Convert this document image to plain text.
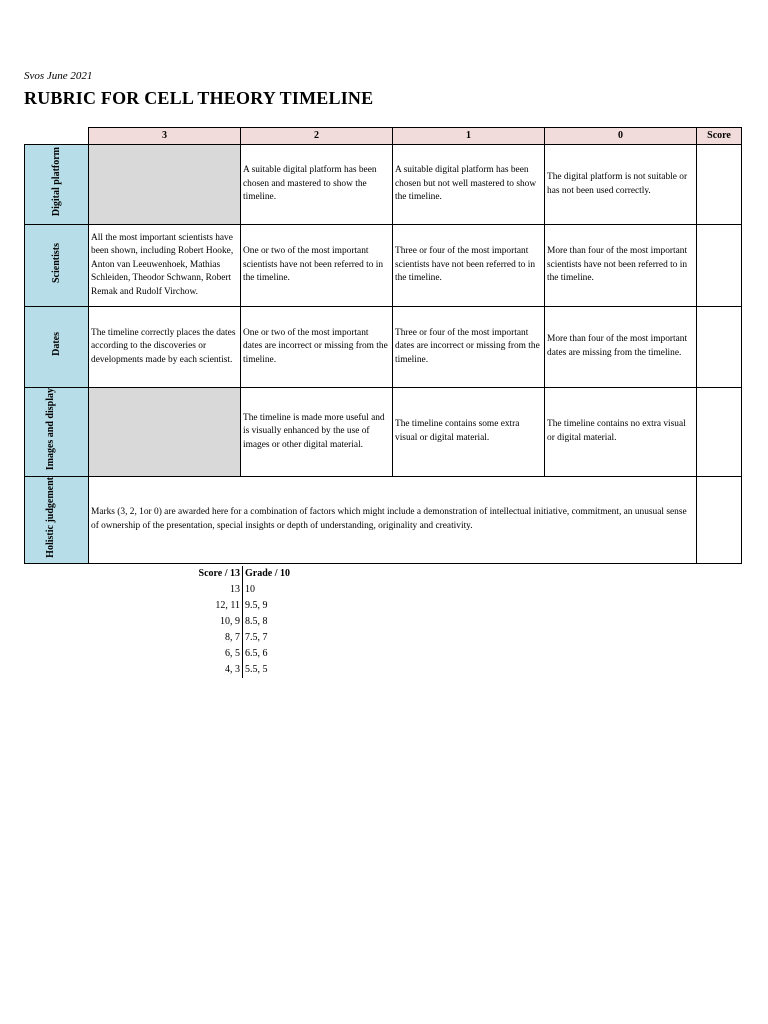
Svos June 2021
RUBRIC FOR CELL THEORY TIMELINE
	3	2	1	0	Score
Digital platform		A suitable digital platform has been chosen and mastered to show the timeline.	A suitable digital platform has been chosen but not well mastered to show the timeline.	The digital platform is not suitable or has not been used correctly.	
Scientists	All the most important scientists have been shown, including Robert Hooke, Anton van Leeuwenhoek, Mathias Schleiden, Theodor Schwann, Robert Remak and Rudolf Virchow.	One or two of the most important scientists have not been referred to in the timeline.	Three or four of the most important scientists have not been referred to in the timeline.	More than four of the most important scientists have not been referred to in the timeline.	
Dates	The timeline correctly places the dates according to the discoveries or developments made by each scientist.	One or two of the most important dates are incorrect or missing from the timeline.	Three or four of the most important dates are incorrect or missing from the timeline.	More than four of the most important dates are missing from the timeline.	
Images and display		The timeline is made more useful and is visually enhanced by the use of images or other digital material.	The timeline contains some extra visual or digital material.	The timeline contains no extra visual or digital material.	
Holistic judgement	Marks (3, 2, 1or 0) are awarded here for a combination of factors which might include a demonstration of intellectual initiative, commitment, an unusual sense of ownership of the presentation, special insights or depth of understanding, originality and creativity.				
Score / 13	Grade / 10
13	10
12, 11	9.5, 9
10, 9	8.5, 8
8, 7	7.5, 7
6, 5	6.5, 6
4, 3	5.5, 5
